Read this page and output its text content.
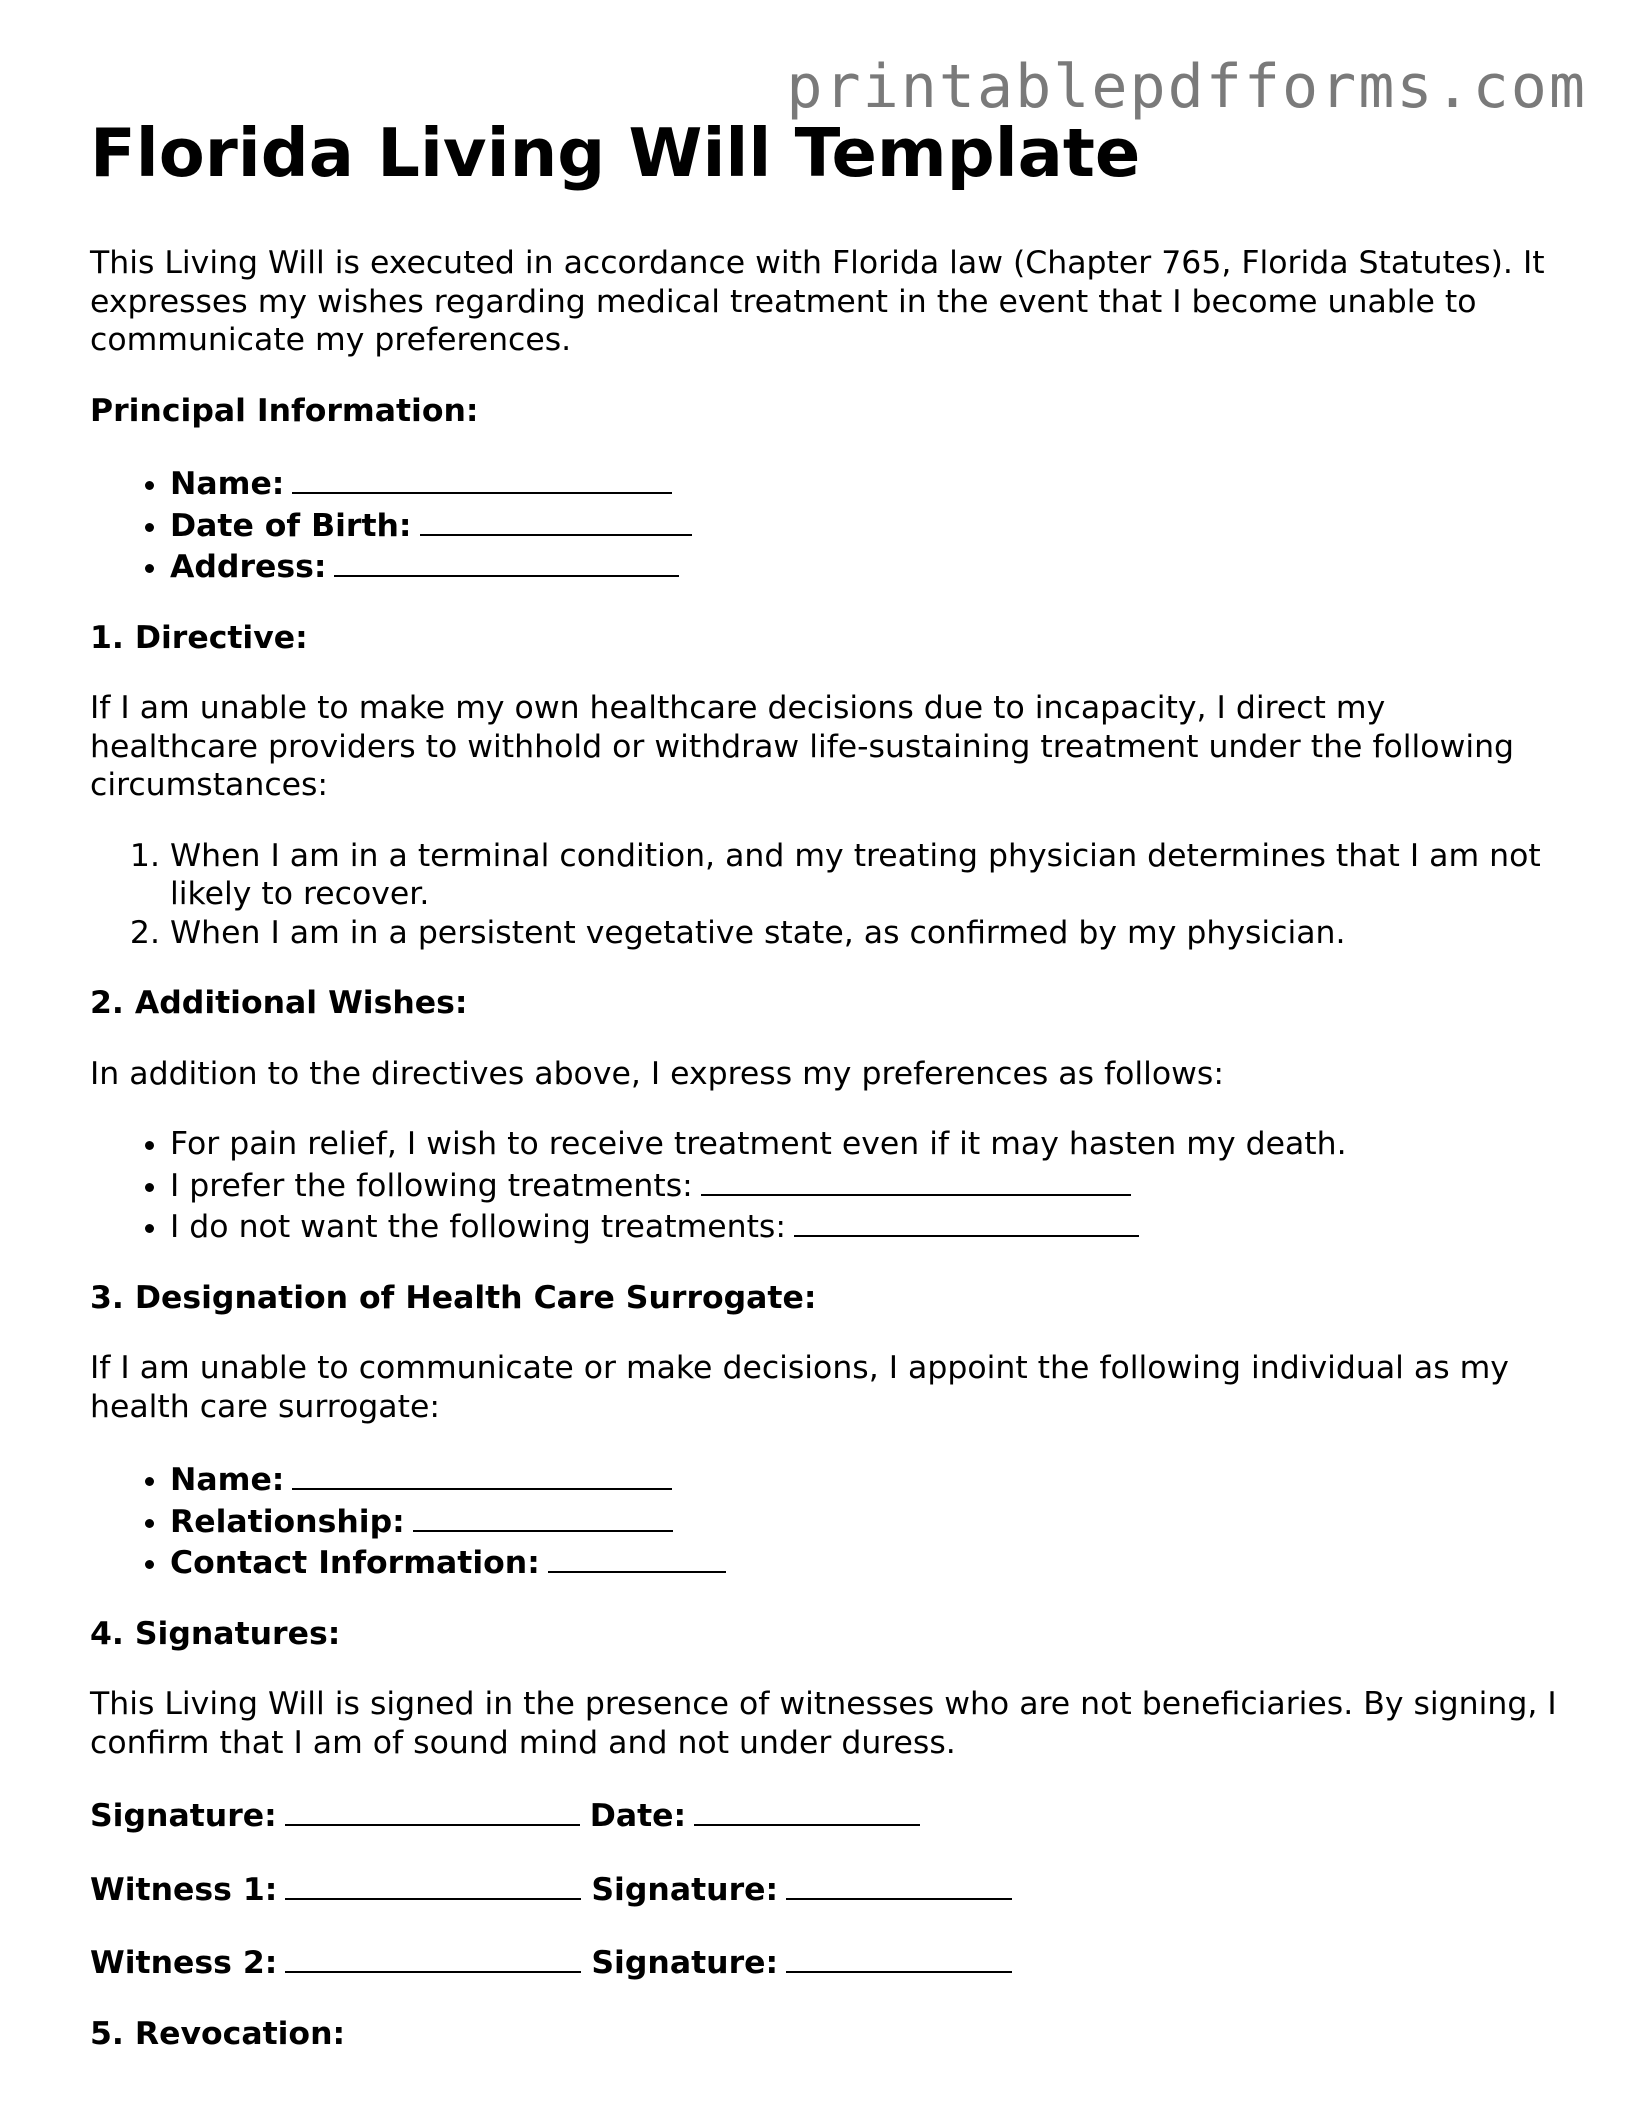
printablepdfforms.com
Florida Living Will Template

This Living Will is executed in accordance with Florida law (Chapter 765, Florida Statutes). It expresses my wishes regarding medical treatment in the event that I become unable to communicate my preferences.

Principal Information:

• Name:
• Date of Birth:
• Address:

1. Directive:

If I am unable to make my own healthcare decisions due to incapacity, I direct my healthcare providers to withhold or withdraw life-sustaining treatment under the following circumstances:

1. When I am in a terminal condition, and my treating physician determines that I am not likely to recover.
2. When I am in a persistent vegetative state, as confirmed by my physician.

2. Additional Wishes:

In addition to the directives above, I express my preferences as follows:

• For pain relief, I wish to receive treatment even if it may hasten my death.
• I prefer the following treatments:
• I do not want the following treatments:

3. Designation of Health Care Surrogate:

If I am unable to communicate or make decisions, I appoint the following individual as my health care surrogate:

• Name:
• Relationship:
• Contact Information:

4. Signatures:

This Living Will is signed in the presence of witnesses who are not beneficiaries. By signing, I confirm that I am of sound mind and not under duress.

Signature:	Date:
Witness 1:	Signature:
Witness 2:	Signature:

5. Revocation:
